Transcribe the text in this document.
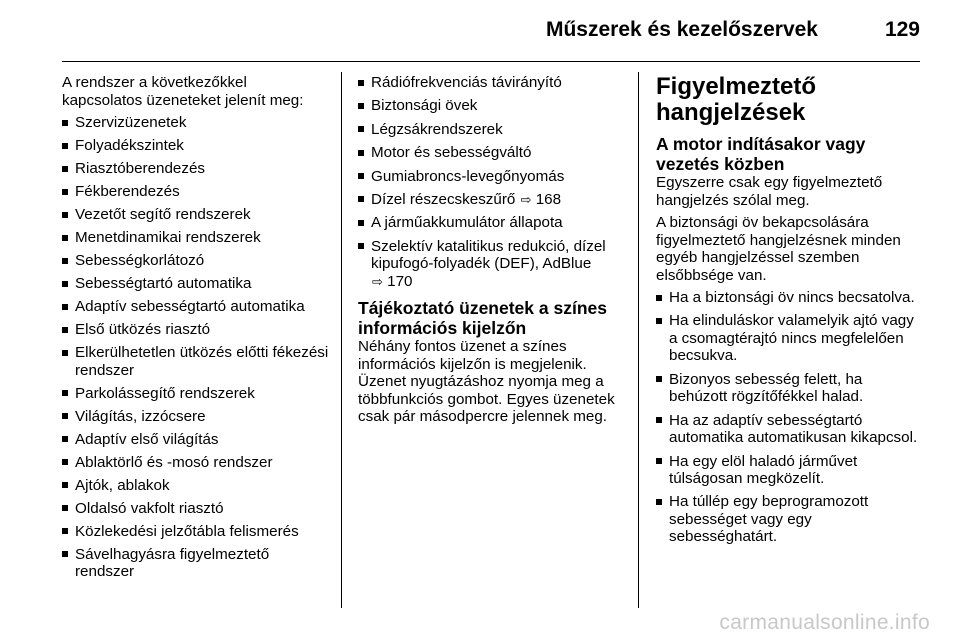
Műszerek és kezelőszervek	129

A rendszer a következőkkel kapcsolatos üzeneteket jelenít meg:

Szervizüzenetek
Folyadékszintek
Riasztóberendezés
Fékberendezés
Vezetőt segítő rendszerek
Menetdinamikai rendszerek
Sebességkorlátozó
Sebességtartó automatika
Adaptív sebességtartó automatika
Első ütközés riasztó
Elkerülhetetlen ütközés előtti fékezési rendszer
Parkolássegítő rendszerek
Világítás, izzócsere
Adaptív első világítás
Ablaktörlő és -mosó rendszer
Ajtók, ablakok
Oldalsó vakfolt riasztó
Közlekedési jelzőtábla felismerés
Sávelhagyásra figyelmeztető rendszer
Rádiófrekvenciás távirányító
Biztonsági övek
Légzsákrendszerek
Motor és sebességváltó
Gumiabroncs-levegőnyomás
Dízel részecskeszűrő ⇨ 168
A járműakkumulátor állapota
Szelektív katalitikus redukció, dízel kipufogó-folyadék (DEF), AdBlue
⇨ 170
Tájékoztató üzenetek a színes információs kijelzőn

Néhány fontos üzenet a színes információs kijelzőn is megjelenik. Üzenet nyugtázáshoz nyomja meg a többfunkciós gombot. Egyes üzenetek csak pár másodpercre jelennek meg.

Figyelmeztető hangjelzések
A motor indításakor vagy vezetés közben

Egyszerre csak egy figyelmeztető hangjelzés szólal meg.

A biztonsági öv bekapcsolására figyelmeztető hangjelzésnek minden egyéb hangjelzéssel szemben elsőbbsége van.

Ha a biztonsági öv nincs becsatolva.
Ha elinduláskor valamelyik ajtó vagy a csomagtérajtó nincs megfelelően becsukva.
Bizonyos sebesség felett, ha behúzott rögzítőfékkel halad.
Ha az adaptív sebességtartó automatika automatikusan kikapcsol.
Ha egy elöl haladó járművet túlságosan megközelít.
Ha túllép egy beprogramozott sebességet vagy egy sebességhatárt.
carmanualsonline.info
